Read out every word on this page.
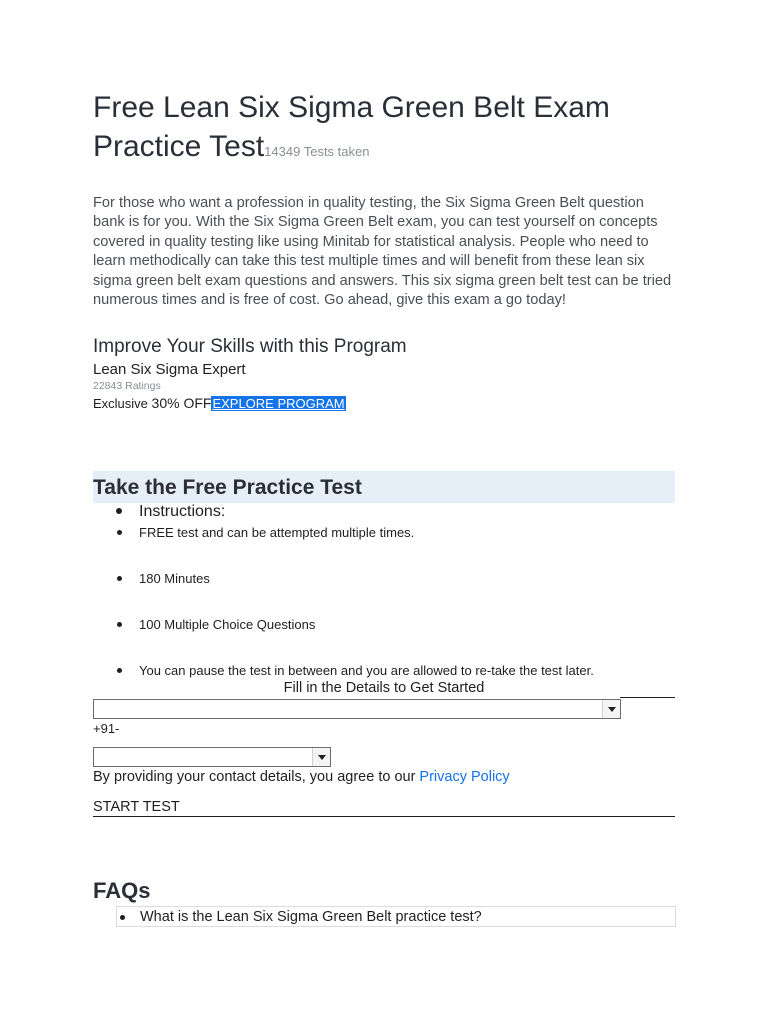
Free Lean Six Sigma Green Belt Exam
Practice Test14349 Tests taken

For those who want a profession in quality testing, the Six Sigma Green Belt question bank is for you. With the Six Sigma Green Belt exam, you can test yourself on concepts covered in quality testing like using Minitab for statistical analysis. People who need to learn methodically can take this test multiple times and will benefit from these lean six sigma green belt exam questions and answers. This six sigma green belt test can be tried numerous times and is free of cost. Go ahead, give this exam a go today!

Improve Your Skills with this Program
Lean Six Sigma Expert
22843 Ratings
Exclusive 30% OFFEXPLORE PROGRAM
Take the Free Practice Test
Instructions:
FREE test and can be attempted multiple times.
180 Minutes
100 Multiple Choice Questions
You can pause the test in between and you are allowed to re-take the test later.
Fill in the Details to Get Started
+91-
By providing your contact details, you agree to our Privacy Policy
START TEST
FAQs
What is the Lean Six Sigma Green Belt practice test?
